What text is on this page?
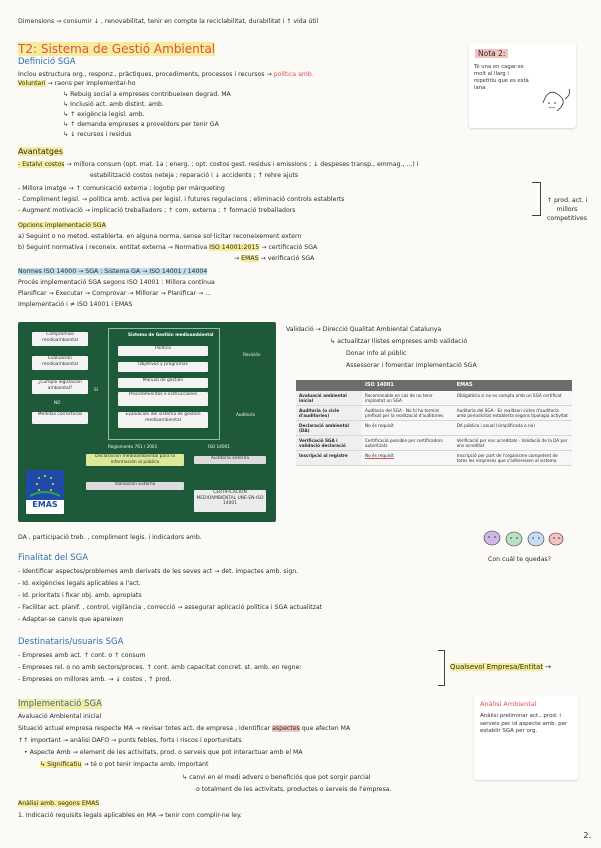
Dimensions → consumir ↓ , renovabilitat, tenir en compte la reciclabilitat, durabilitat i ↑ vida útil
T2: Sistema de Gestió Ambiental
Definició SGA
Inclou estructura org., responz., pràctiques, procediments, processos i recursos → política amb.
Voluntari → raons per implementar-ho
↳ Rebuig social a empreses contribueixen degrad. MA
↳ Inclusió act. amb distint. amb.
↳ ↑ exigència legisl. amb.
↳ ↑ demanda empreses a proveïdors per tenir GA
↳ ↓ recursos i residus
Nota 2:
Té una en cagar-se molt al llarg i repetitiu que es està lana
Avantatges
- Estalvi costos → millora consum (opt. mat. 1a ; energ. ; opt. costos gest. residus i emissions ; ↓ despeses transp., emmag., ...) i
estabilització costos neteja ; reparació i ↓ accidents ; ↑ rehre ajuts
- Millora imatge → ↑ comunicació externa ; logotip per màrqueting
- Compliment legisl. → política amb. activa per legisl. i futures regulacions ; eliminació controls establerts
- Augment motivació → implicació treballadors ; ↑ com. externa ; ↑ formació treballadors
↑ prod. act. i millors competitives
Opcions implementació SGA
a) Seguint o no metod. establerta. en alguna norma, sense sol·licitar reconeixement extern
b) Seguint normativa i reconeix. entitat externa → Normativa ISO 14001:2015 → certificació SGA
→ EMAS → verificació SGA
Normes ISO 14000 → SGA : Sistema GA → ISO 14001 / 14004
Procés implementació SGA segons ISO 14001 : Millora contínua
Planificar → Executar → Comprovar → Millorar → Planificar → ...
Implementació i ≠ ISO 14001 i EMAS
Compromiso medioambiental
Evaluación medioambiental
¿Cumple legislación ambiental?
NO
Medidas correctoras
SI
Sistema de Gestión medioambiental
Política
Objetivos y programas
Manual de gestión
Procedimientos e instrucciones
Evaluación del sistema de gestión medioambiental
Revisión
Auditoría
Reglamento 761 / 2001	ISO 14001
Declaración medioambiental para la información al público
Auditoría externa
Validación Externa
CERTIFICACIÓN MEDIOAMBIENTAL UNE-EN-ISO 14001
EMAS
Validació → Direcció Qualitat Ambiental Catalunya
↳ actualitzar llistes empreses amb validació
Donar info al públic
Assessorar i fomentar implementació SGA
	ISO 14001	EMAS
Avaluació ambiental inicial	Recomanable en cas de no tenir implantat un SGA	Obligatòria si no es compta amb un SGA certificat
Auditoria (o cicle d'auditories)	Auditoria del SGA · No hi ha termini prefixat per la realització d'auditories	Auditoria del SGA · Es realitzen cicles d'auditoria amb periodicitat establerta segons tipologia activitat
Declaració ambiental (DA)	No és requisit	DA pública i anual (simplificada o no)
Verificació SGA i validació declaració	Certificació possible per certificadors autoritzats	Verificació per ens acreditats · Validació de la DA per ens acreditat
Inscripció al registre	No és requisit	Inscripció per part de l'organisme competent de totes les empreses que s'adhereixen al sistema
DA , participació treb. , compliment legis. i indicadors amb.
Finalitat del SGA
- Identificar aspectes/problemes amb derivats de les seves act → det. impactes amb. sign.
- Id. exigències legals aplicables a l'act.
- Id. prioritats i fixar obj. amb. apropiats
- Facilitar act. planif. , control, vigilància , correcció → assegurar aplicació política i SGA actualitzat
- Adaptar-se canvis que apareixen
Con cuál te quedas?
Destinataris/usuaris SGA
- Empreses amb act. ↑ cont. o ↑ consum
- Empreses rel. o no amb sectors/proces. ↑ cont. amb capacitat concret. st. amb. en regne:
- Empreses on millores amb. → ↓ costos , ↑ prod.
Qualsevol Empresa/Entitat →
Implementació SGA
Avaluació Ambiental inicial
Situació actual empresa respecte MA → revisar totes act. de empresa , identificar aspectes que afecten MA
↑↑ important → anàlisi DAFO → punts febles, forts i riscos i oportunitats
• Aspecte Amb → element de les activitats, prod. o serveis que pot interactuar amb el MA
↳ Significatiu → té o pot tenir impacte amb. important
↳ canvi en el medi advers o beneficiós que pot sorgir parcial
o totalment de les activitats, productes o serveis de l'empresa.
Anàlisi amb. segons EMAS
1. Indicació requisits legals aplicables en MA → tenir com complir-ne ley.
Anàlisi Ambiental
Anàlisi preliminar act., prod. i serveis per id aspecte amb. per establir SGA per org.
2.
